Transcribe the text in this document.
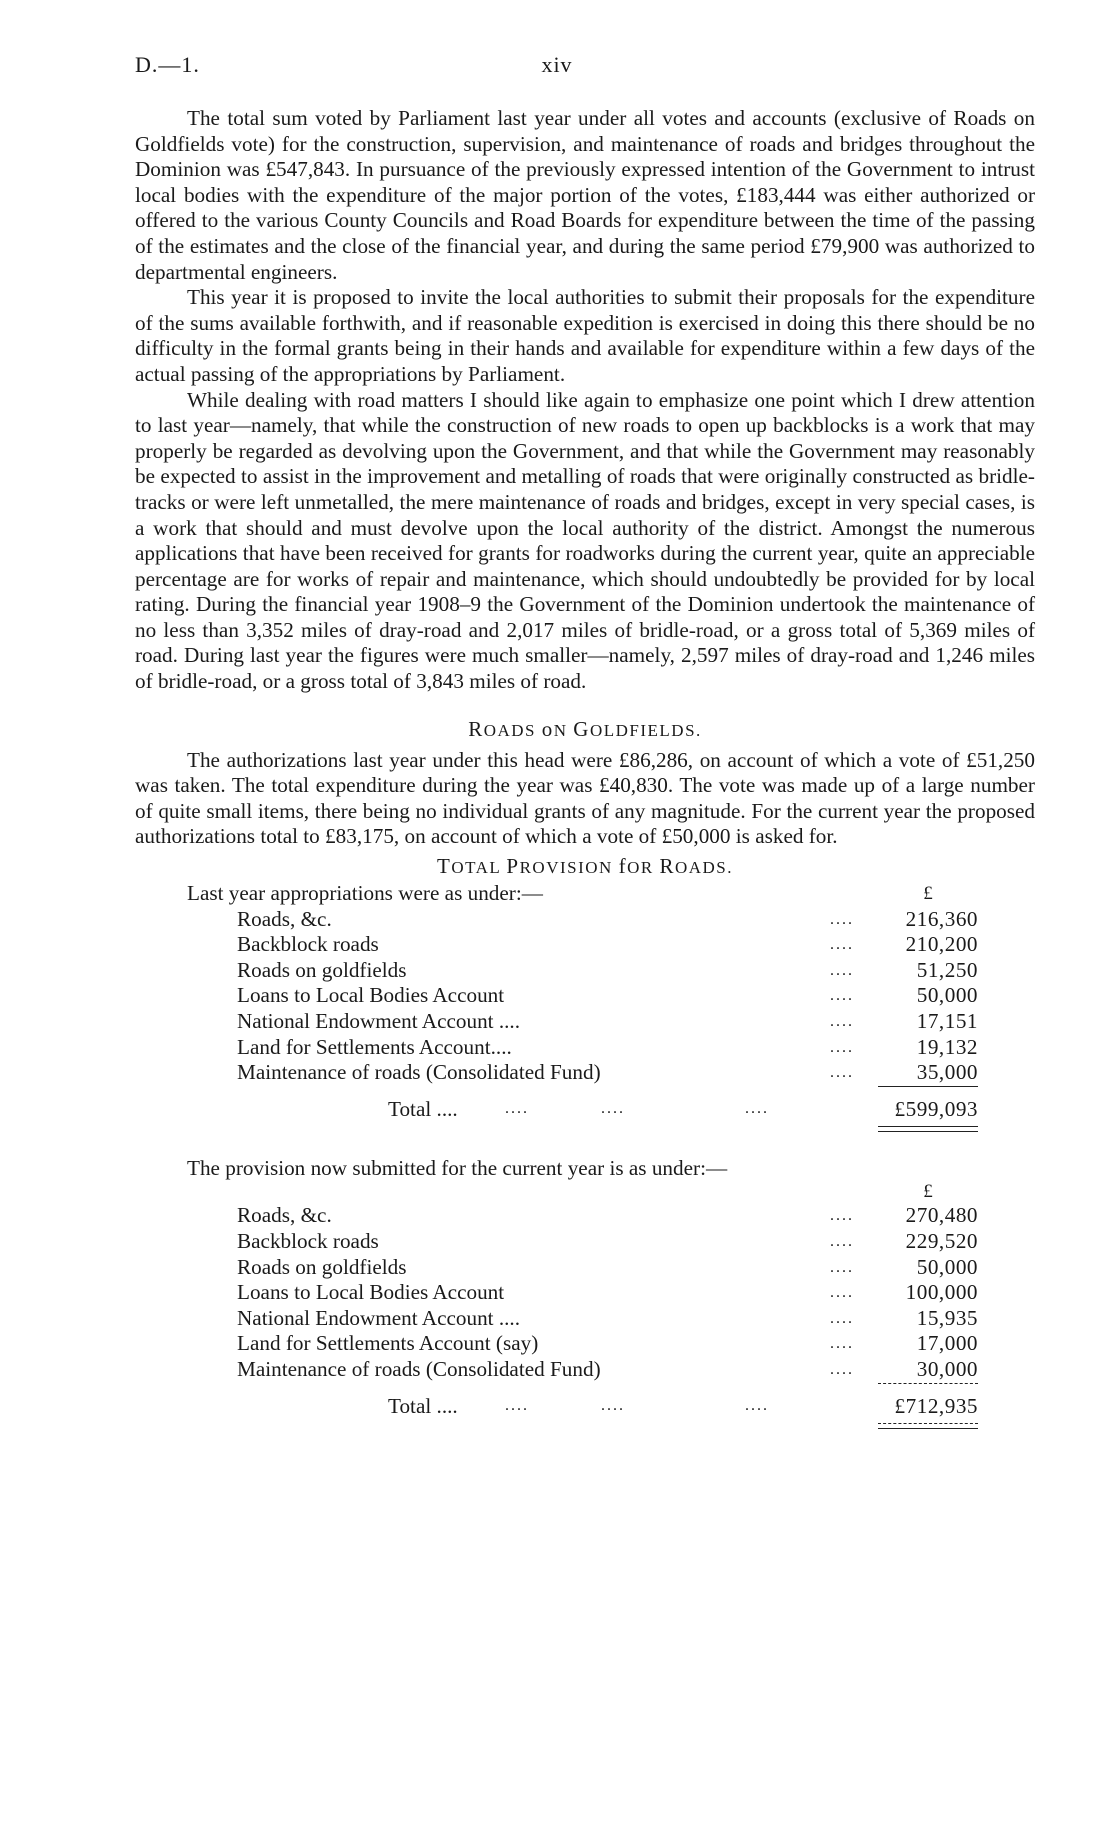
D.—1.	xiv

The total sum voted by Parliament last year under all votes and accounts (exclusive of Roads on Goldfields vote) for the construction, supervision, and maintenance of roads and bridges throughout the Dominion was £547,843. In pursuance of the previously expressed intention of the Government to intrust local bodies with the expenditure of the major portion of the votes, £183,444 was either authorized or offered to the various County Councils and Road Boards for expenditure between the time of the passing of the estimates and the close of the financial year, and during the same period £79,900 was authorized to departmental engineers.

This year it is proposed to invite the local authorities to submit their proposals for the expenditure of the sums available forthwith, and if reasonable expedition is exercised in doing this there should be no difficulty in the formal grants being in their hands and available for expenditure within a few days of the actual passing of the appropriations by Parliament.

While dealing with road matters I should like again to emphasize one point which I drew attention to last year—namely, that while the construction of new roads to open up backblocks is a work that may properly be regarded as devolving upon the Government, and that while the Government may reasonably be expected to assist in the improvement and metalling of roads that were originally constructed as bridle-tracks or were left unmetalled, the mere maintenance of roads and bridges, except in very special cases, is a work that should and must devolve upon the local authority of the district. Amongst the numerous applications that have been received for grants for roadworks during the current year, quite an appreciable percentage are for works of repair and maintenance, which should undoubtedly be provided for by local rating. During the financial year 1908–9 the Government of the Dominion undertook the maintenance of no less than 3,352 miles of dray-road and 2,017 miles of bridle-road, or a gross total of 5,369 miles of road. During last year the figures were much smaller—namely, 2,597 miles of dray-road and 1,246 miles of bridle-road, or a gross total of 3,843 miles of road.

ROADS oN GOLDFIELDS.

The authorizations last year under this head were £86,286, on account of which a vote of £51,250 was taken. The total expenditure during the year was £40,830. The vote was made up of a large number of quite small items, there being no individual grants of any magnitude. For the current year the proposed authorizations total to £83,175, on account of which a vote of £50,000 is asked for.

TOTAL PROVISION fOR ROADS.
Last year appropriations were as under:—	£
Roads, &c.	....	216,360
Backblock roads	....	210,200
Roads on goldfields	....	51,250
Loans to Local Bodies Account	....	50,000
National Endowment Account ....	....	17,151
Land for Settlements Account....	....	19,132
Maintenance of roads (Consolidated Fund)	....	35,000
Total ....	....            ....                    ....	£599,093
The provision now submitted for the current year is as under:—
£
Roads, &c.	....	270,480
Backblock roads	....	229,520
Roads on goldfields	....	50,000
Loans to Local Bodies Account	....	100,000
National Endowment Account ....	....	15,935
Land for Settlements Account (say)	....	17,000
Maintenance of roads (Consolidated Fund)	....	30,000
Total ....	....            ....                    ....	£712,935
